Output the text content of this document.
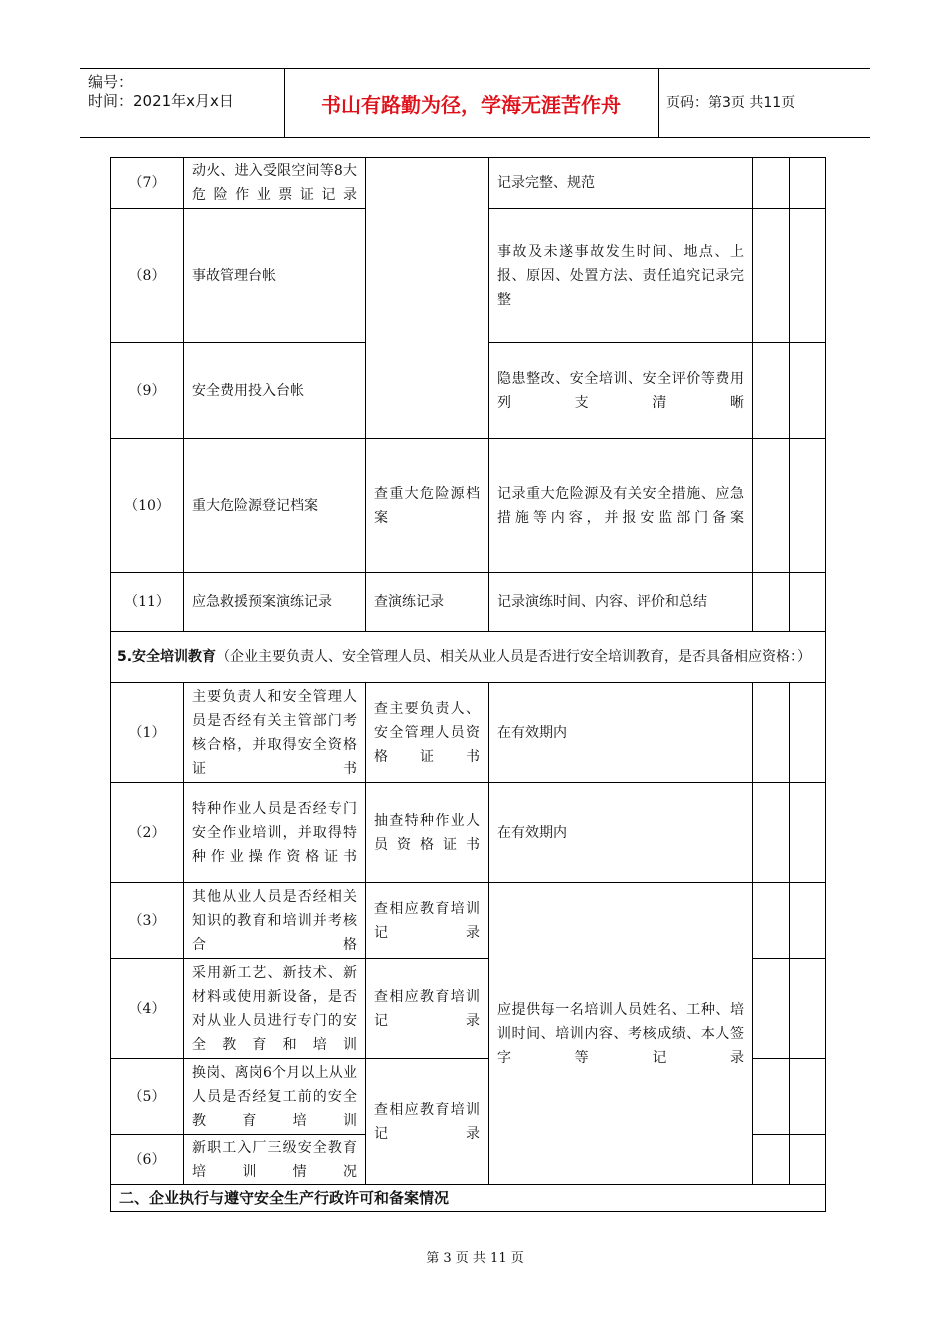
编号：
时间：2021年x月x日	书山有路勤为径，学海无涯苦作舟	页码：第3页 共11页
（7）	动火、进入受限空间等8大危险作业票证记录		记录完整、规范		
（8）	事故管理台帐		事故及未遂事故发生时间、地点、上报、原因、处置方法、责任追究记录完整		
（9）	安全费用投入台帐		隐患整改、安全培训、安全评价等费用列支清晰		
（10）	重大危险源登记档案	查重大危险源档案	记录重大危险源及有关安全措施、应急措施等内容，并报安监部门备案		
（11）	应急救援预案演练记录	查演练记录	记录演练时间、内容、评价和总结		
5.安全培训教育（企业主要负责人、安全管理人员、相关从业人员是否进行安全培训教育，是否具备相应资格：）					
（1）	主要负责人和安全管理人员是否经有关主管部门考核合格，并取得安全资格证书	查主要负责人、安全管理人员资格证书	在有效期内		
（2）	特种作业人员是否经专门安全作业培训，并取得特种作业操作资格证书	抽查特种作业人员资格证书	在有效期内		
（3）	其他从业人员是否经相关知识的教育和培训并考核合格	查相应教育培训记录	应提供每一名培训人员姓名、工种、培训时间、培训内容、考核成绩、本人签字等记录		
（4）	采用新工艺、新技术、新材料或使用新设备，是否对从业人员进行专门的安全教育和培训	查相应教育培训记录			
（5）	换岗、离岗6个月以上从业人员是否经复工前的安全教育培训	查相应教育培训记录			
（6）	新职工入厂三级安全教育培训情况				
二、企业执行与遵守安全生产行政许可和备案情况					
第 3 页 共 11 页
